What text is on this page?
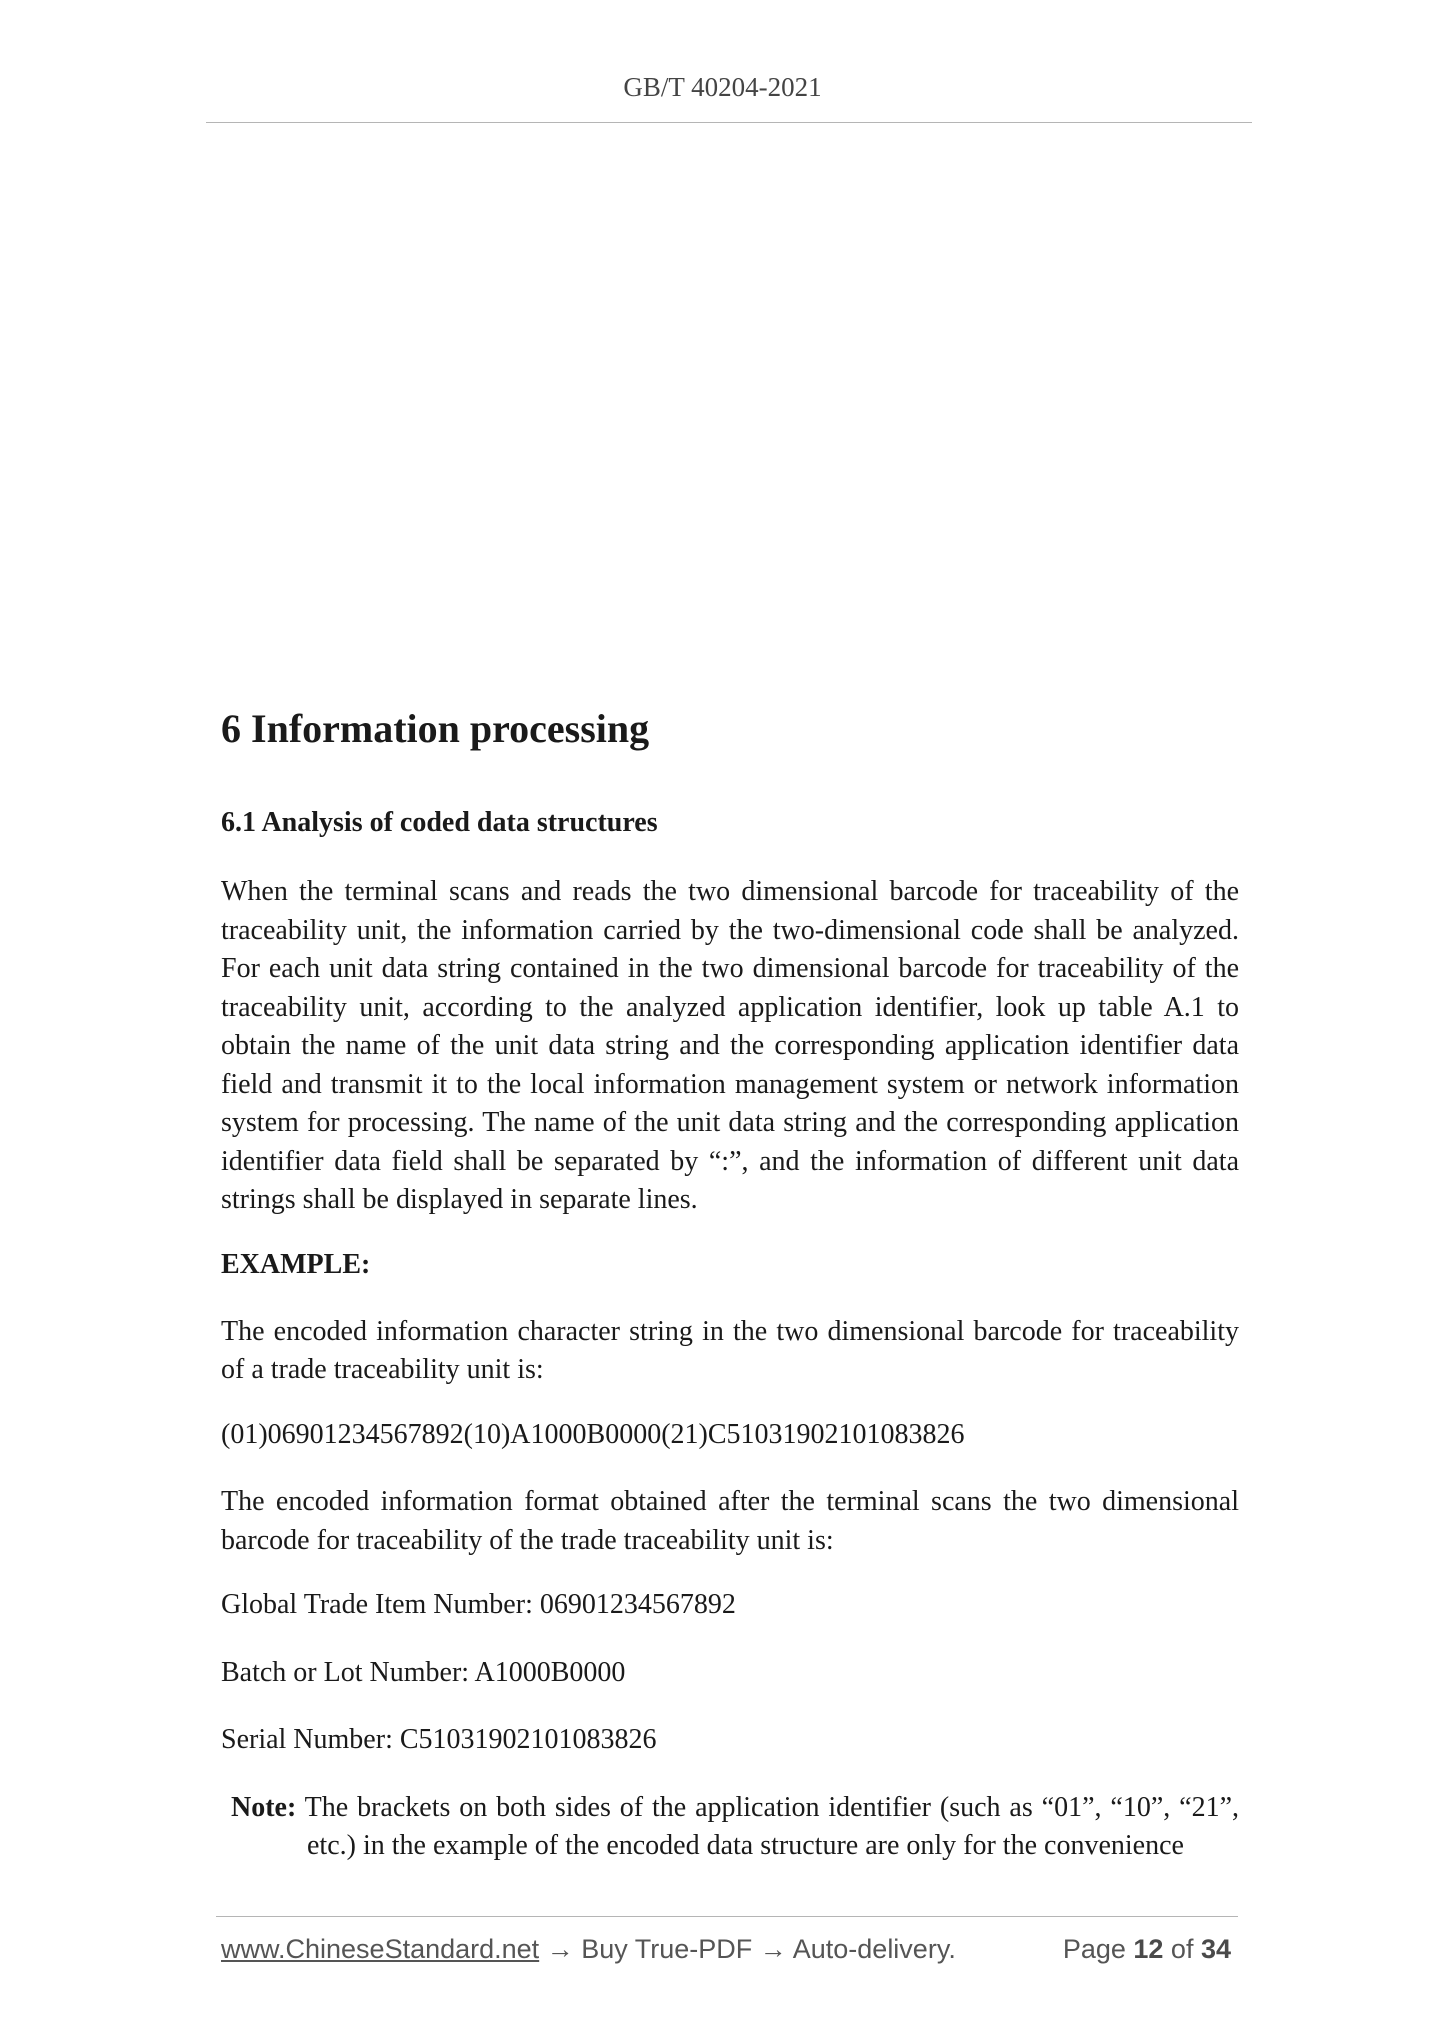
GB/T 40204-2021
6 Information processing
6.1 Analysis of coded data structures

When the terminal scans and reads the two dimensional barcode for traceability of the traceability unit, the information carried by the two-dimensional code shall be analyzed. For each unit data string contained in the two dimensional barcode for traceability of the traceability unit, according to the analyzed application identifier, look up table A.1 to obtain the name of the unit data string and the corresponding application identifier data field and transmit it to the local information management system or network information system for processing. The name of the unit data string and the corresponding application identifier data field shall be separated by “:”, and the information of different unit data strings shall be displayed in separate lines.

EXAMPLE:

The encoded information character string in the two dimensional barcode for traceability of a trade traceability unit is:

(01)06901234567892(10)A1000B0000(21)C51031902101083826

The encoded information format obtained after the terminal scans the two dimensional barcode for traceability of the trade traceability unit is:

Global Trade Item Number: 06901234567892

Batch or Lot Number: A1000B0000

Serial Number: C51031902101083826

Note: The brackets on both sides of the application identifier (such as “01”, “10”, “21”, etc.) in the example of the encoded data structure are only for the convenience

www.ChineseStandard.net → Buy True-PDF → Auto-delivery.	Page 12 of 34
